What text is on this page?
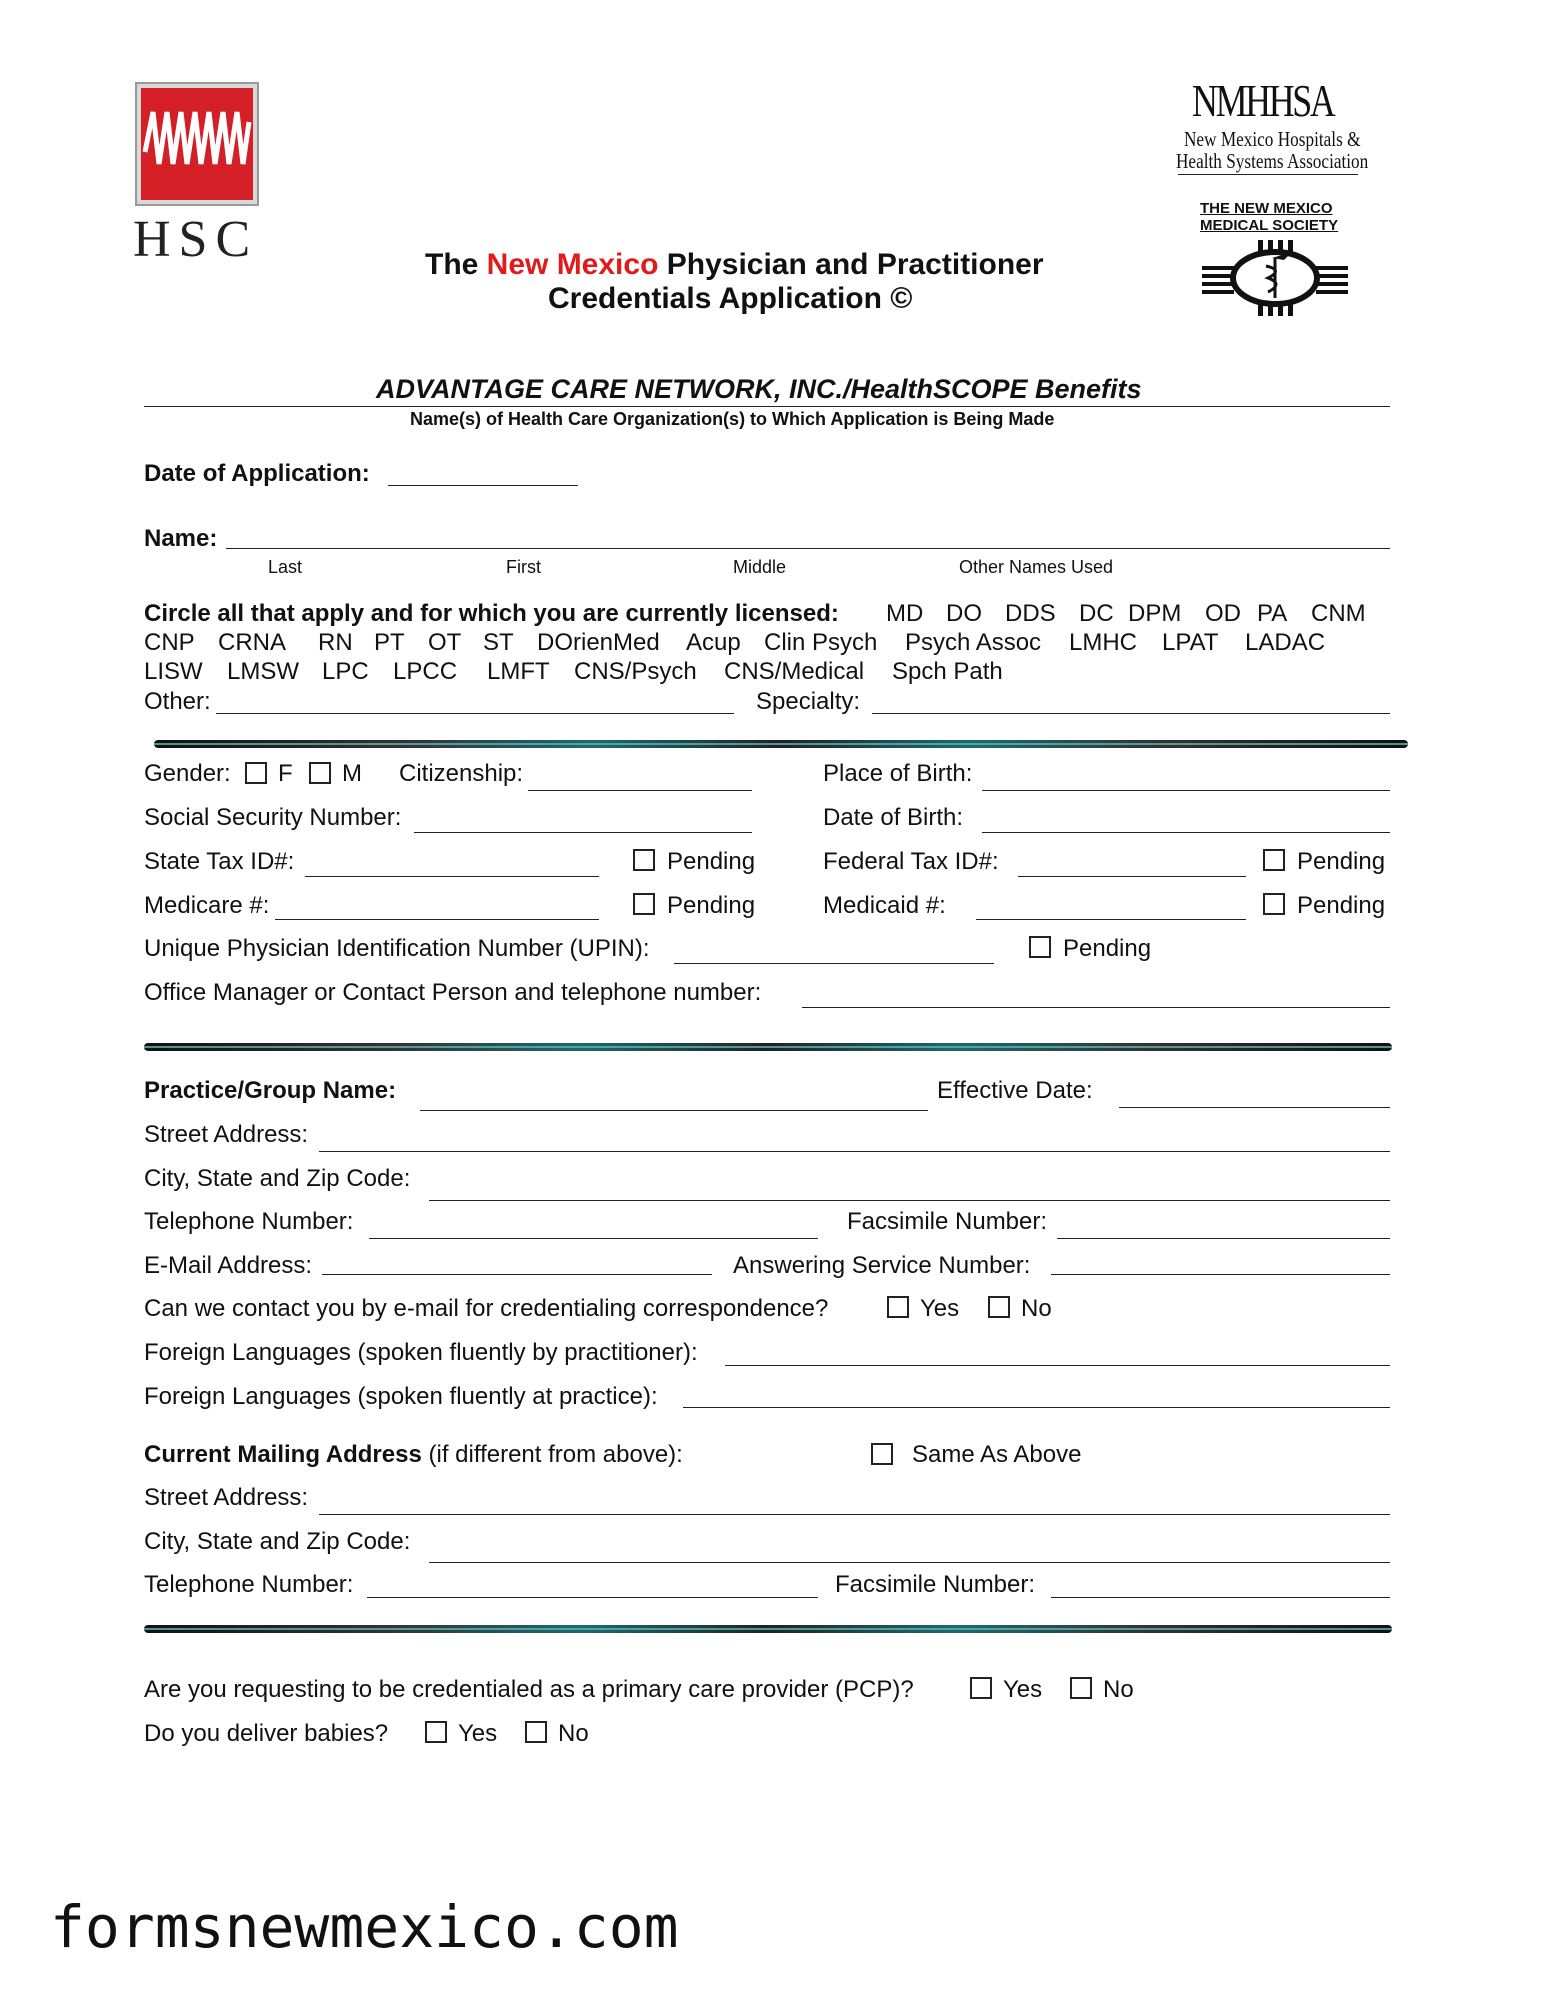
HSC	The New Mexico Physician and Practitioner
Credentials Application ©
NMHHSA
New Mexico Hospitals &
Health Systems Association
THE NEW MEXICO
MEDICAL SOCIETY
ADVANTAGE CARE NETWORK, INC./HealthSCOPE Benefits
Name(s) of Health Care Organization(s) to Which Application is Being Made
Date of Application:
Name:
Last	First	Middle	Other Names Used
Circle all that apply and for which you are currently licensed: MD DO DDS DC DPM OD PA CNM
CNP CRNA RN PT OT ST DOrienMed Acup Clin Psych Psych Assoc LMHC LPAT LADAC
LISW LMSW LPC LPCC LMFT CNS/Psych CNS/Medical Spch Path
Other:	Specialty:
Gender: F M Citizenship:	Place of Birth:
Social Security Number:	Date of Birth:
State Tax ID#:	Pending	Federal Tax ID#:	Pending
Medicare #:	Pending	Medicaid #:	Pending
Unique Physician Identification Number (UPIN):	Pending
Office Manager or Contact Person and telephone number:
Practice/Group Name:	Effective Date:
Street Address:
City, State and Zip Code:
Telephone Number:	Facsimile Number:
E-Mail Address:	Answering Service Number:
Can we contact you by e-mail for credentialing correspondence?	Yes	No
Foreign Languages (spoken fluently by practitioner):
Foreign Languages (spoken fluently at practice):
Current Mailing Address (if different from above):	Same As Above
Street Address:
City, State and Zip Code:
Telephone Number:	Facsimile Number:
Are you requesting to be credentialed as a primary care provider (PCP)?	Yes	No
Do you deliver babies?	Yes	No
formsnewmexico.com
